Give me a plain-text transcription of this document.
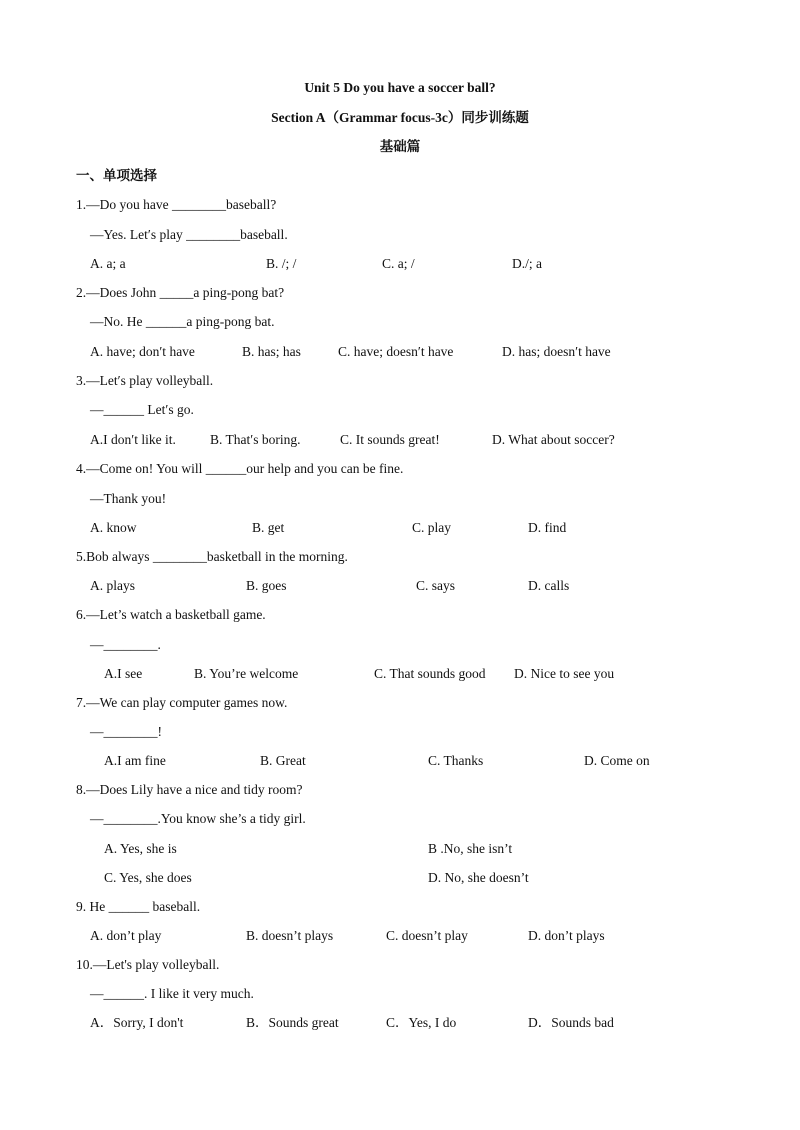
Unit 5 Do you have a soccer ball?
Section A（Grammar focus-3c）同步训练题
基础篇
一、单项选择
1.—Do you have ________baseball?
—Yes. Let′s play ________baseball.
A. a; a	B. /; /	C. a; /	D./; a
2.—Does John _____a ping-pong bat?
—No. He ______a ping-pong bat.
A. have; don′t have	B. has; has	C. have; doesn′t have	D. has; doesn′t have
3.—Let′s play volleyball.
—______ Let′s go.
A.I don′t like it.	B. That′s boring.	C. It sounds great!	D. What about soccer?
4.—Come on! You will ______our help and you can be fine.
—Thank you!
A. know	B. get	C. play	D. find
5.Bob always ________basketball in the morning.
A. plays	B. goes	C. says	D. calls
6.—Let’s watch a basketball game.
—________.
A.I see	B. You’re welcome	C. That sounds good D. Nice to see you
7.—We can play computer games now.
—________!
A.I am fine	B. Great	C. Thanks	D. Come on
8.—Does Lily have a nice and tidy room?
—________.You know she’s a tidy girl.
A. Yes, she is	B .No, she isn’t
C. Yes, she does	D. No, she doesn’t
9. He ______ baseball.
A. don’t play	B. doesn’t plays	C. doesn’t play	D. don’t plays
10.—Let's play volleyball.
—______. I like it very much.
A．Sorry, I don't	B．Sounds great	C．Yes, I do	D．Sounds bad
